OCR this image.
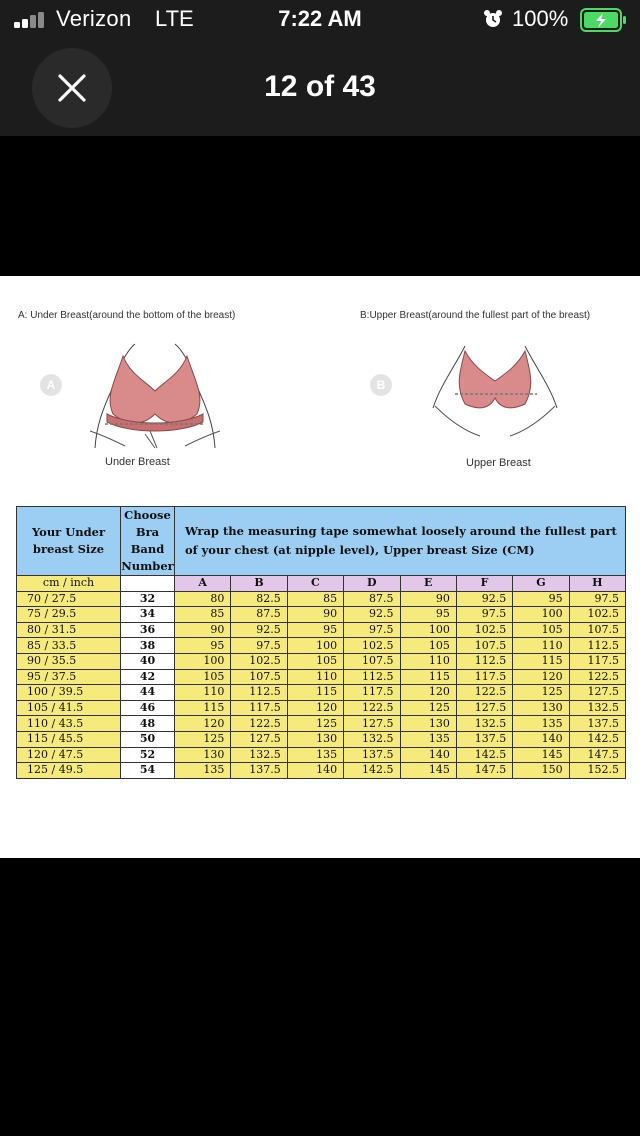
Verizon LTE	7:22 AM	100%
12 of 43
A: Under Breast(around the bottom of the breast)	B:Upper Breast(around the fullest part of the breast)
A	B
Under Breast	Upper Breast
Your Under breast Size	Choose Bra Band Number	Wrap the measuring tape somewhat loosely around the fullest part of your chest (at nipple level), Upper breast Size (CM)							
cm / inch		A	B	C	D	E	F	G	H
70 / 27.5	32	80	82.5	85	87.5	90	92.5	95	97.5
75 / 29.5	34	85	87.5	90	92.5	95	97.5	100	102.5
80 / 31.5	36	90	92.5	95	97.5	100	102.5	105	107.5
85 / 33.5	38	95	97.5	100	102.5	105	107.5	110	112.5
90 / 35.5	40	100	102.5	105	107.5	110	112.5	115	117.5
95 / 37.5	42	105	107.5	110	112.5	115	117.5	120	122.5
100 / 39.5	44	110	112.5	115	117.5	120	122.5	125	127.5
105 / 41.5	46	115	117.5	120	122.5	125	127.5	130	132.5
110 / 43.5	48	120	122.5	125	127.5	130	132.5	135	137.5
115 / 45.5	50	125	127.5	130	132.5	135	137.5	140	142.5
120 / 47.5	52	130	132.5	135	137.5	140	142.5	145	147.5
125 / 49.5	54	135	137.5	140	142.5	145	147.5	150	152.5
